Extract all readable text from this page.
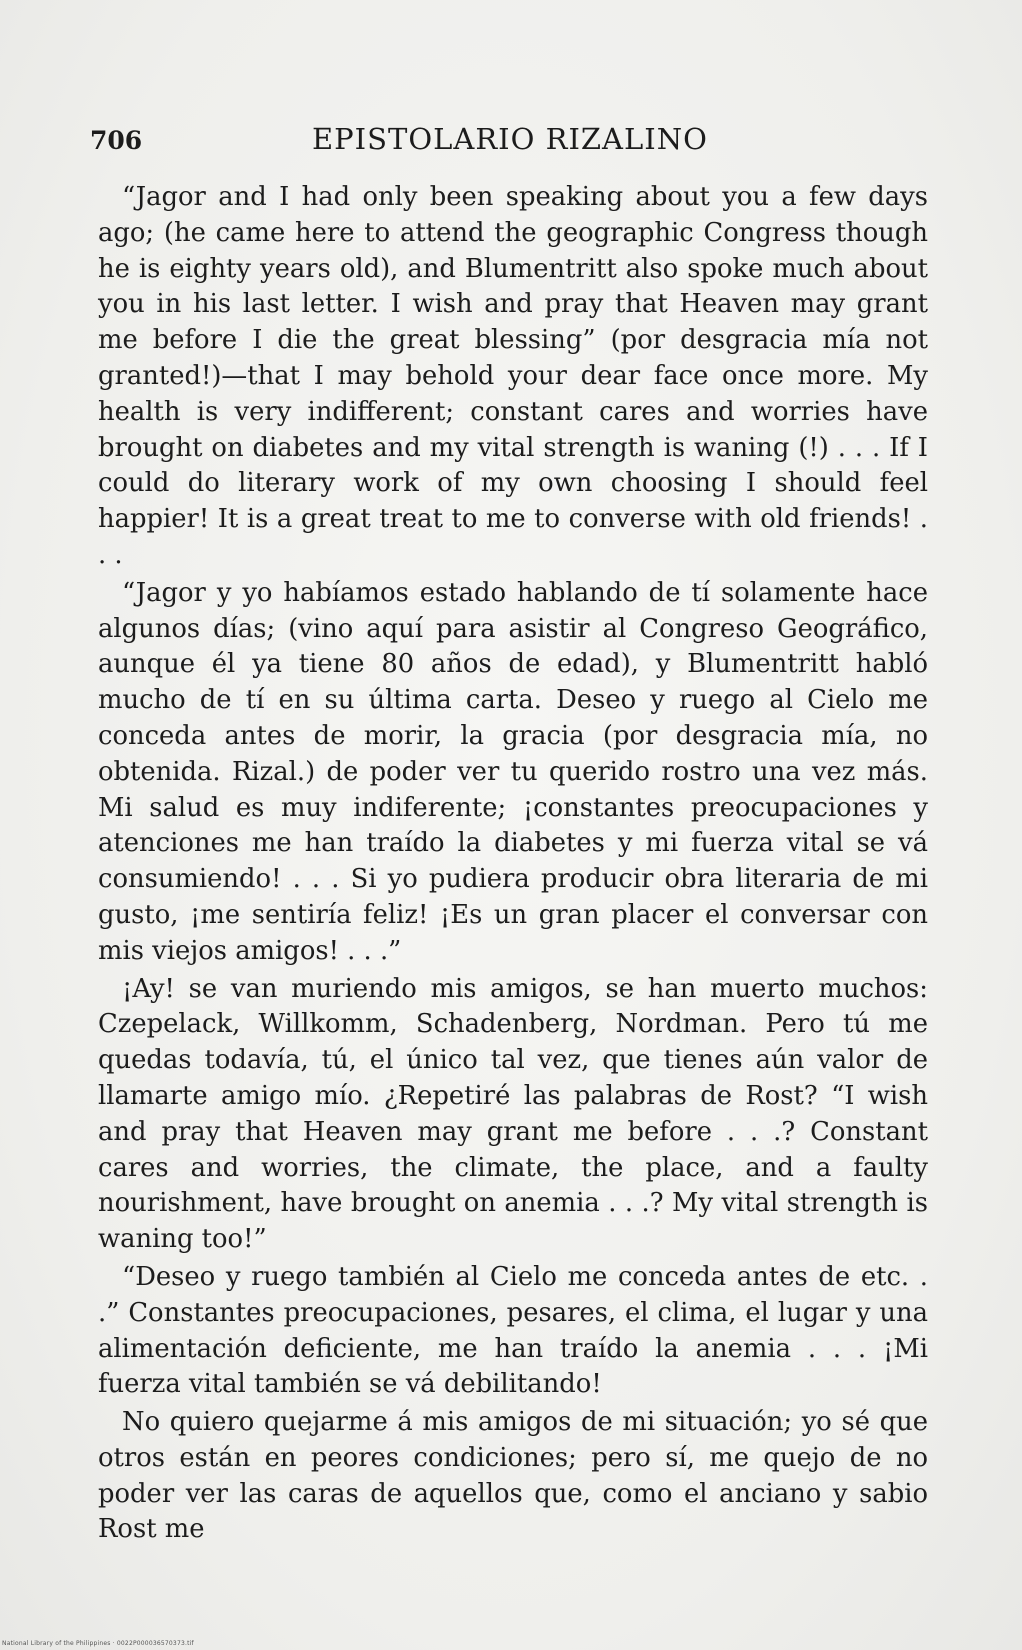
706	EPISTOLARIO RIZALINO

“Jagor and I had only been speaking about you a few days ago; (he came here to attend the geographic Congress though he is eighty years old), and Blumentritt also spoke much about you in his last letter. I wish and pray that Heaven may grant me before I die the great blessing” (por desgracia mía not granted!)—that I may behold your dear face once more. My health is very indifferent; constant cares and worries have brought on diabetes and my vital strength is waning (!) . . . If I could do literary work of my own choosing I should feel happier! It is a great treat to me to converse with old friends! . . .

“Jagor y yo habíamos estado hablando de tí solamente hace algunos días; (vino aquí para asistir al Congreso Geográfico, aunque él ya tiene 80 años de edad), y Blumentritt habló mucho de tí en su última carta. Deseo y ruego al Cielo me conceda antes de morir, la gracia (por desgracia mía, no obtenida. Rizal.) de poder ver tu querido rostro una vez más. Mi salud es muy indiferente; ¡constantes preocupaciones y atenciones me han traído la diabetes y mi fuerza vital se vá consumiendo! . . . Si yo pudiera producir obra literaria de mi gusto, ¡me sentiría feliz! ¡Es un gran placer el conversar con mis viejos amigos! . . .”

¡Ay! se van muriendo mis amigos, se han muerto muchos: Czepelack, Willkomm, Schadenberg, Nordman. Pero tú me quedas todavía, tú, el único tal vez, que tienes aún valor de llamarte amigo mío. ¿Repetiré las palabras de Rost? “I wish and pray that Heaven may grant me before . . .? Constant cares and worries, the climate, the place, and a faulty nourishment, have brought on anemia . . .? My vital strength is waning too!”

“Deseo y ruego también al Cielo me conceda antes de etc. . .” Constantes preocupaciones, pesares, el clima, el lugar y una alimentación deficiente, me han traído la anemia . . . ¡Mi fuerza vital también se vá debilitando!

No quiero quejarme á mis amigos de mi situación; yo sé que otros están en peores condiciones; pero sí, me quejo de no poder ver las caras de aquellos que, como el anciano y sabio Rost me

National Library of the Philippines · 0022P000036570373.tif
